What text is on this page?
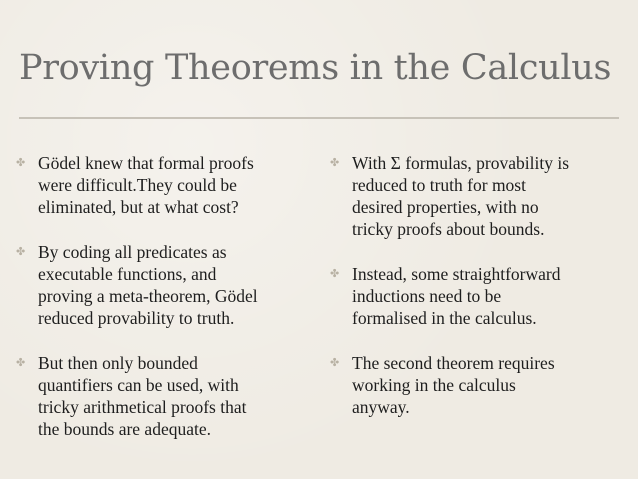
Proving Theorems in the Calculus
✤ Gödel knew that formal proofs
were difficult.They could be
eliminated, but at what cost?
✤ By coding all predicates as
executable functions, and
proving a meta-theorem, Gödel
reduced provability to truth.
✤ But then only bounded
quantifiers can be used, with
tricky arithmetical proofs that
the bounds are adequate.
✤ With Σ formulas, provability is
reduced to truth for most
desired properties, with no
tricky proofs about bounds.
✤ Instead, some straightforward
inductions need to be
formalised in the calculus.
✤ The second theorem requires
working in the calculus
anyway.
